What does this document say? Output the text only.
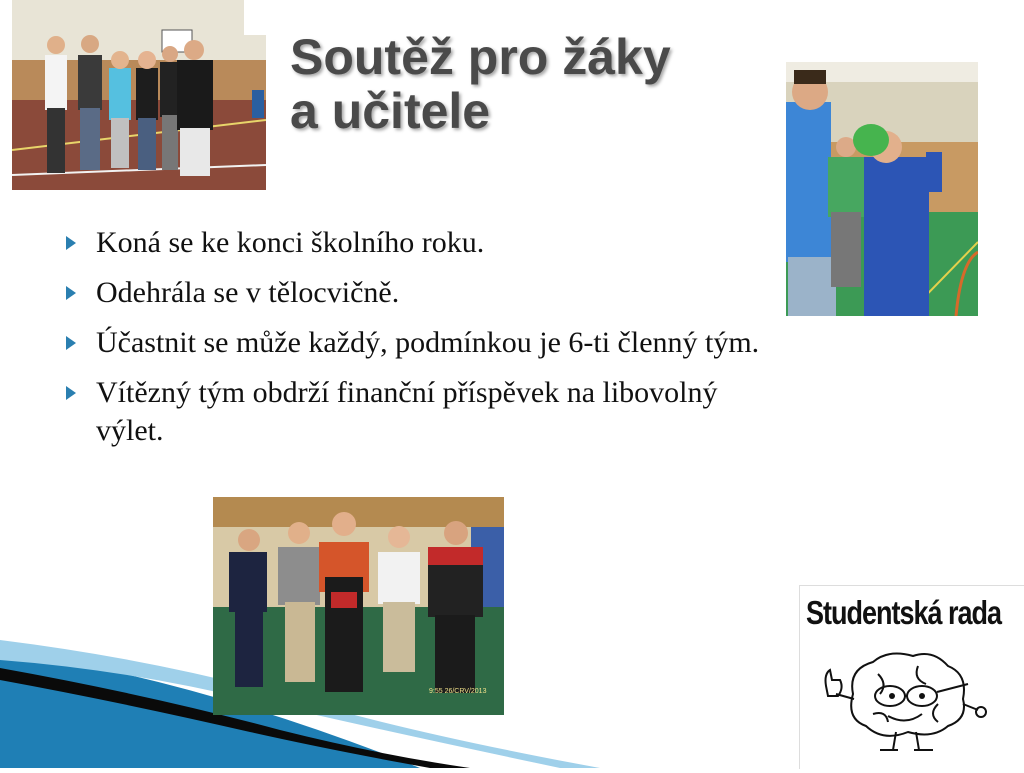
Soutěž pro žáky
a učitele
Koná se ke konci školního roku.
Odehrála se v tělocvičně.
Účastnit se může každý, podmínkou je 6-ti členný tým.
Vítězný tým obdrží finanční příspěvek na libovolný
výlet.
9:55 26/CRV/2013
Studentská rada
